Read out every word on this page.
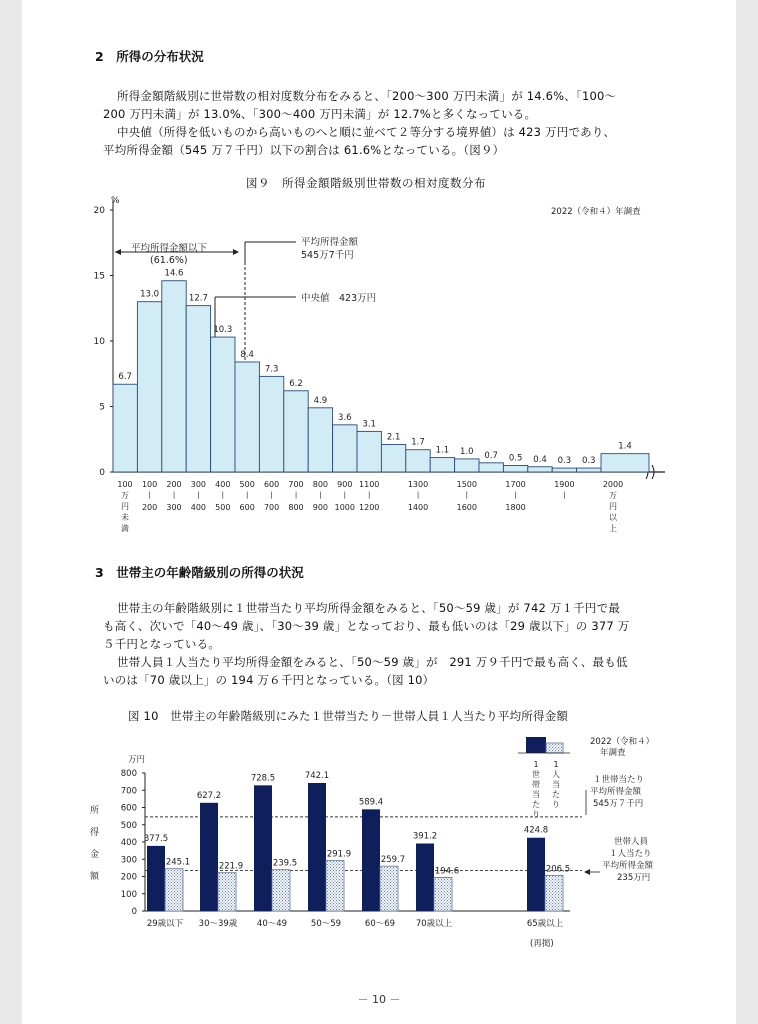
2　所得の分布状況
所得金額階級別に世帯数の相対度数分布をみると、「200～300 万円未満」が 14.6%、「100～
200 万円未満」が 13.0%、「300～400 万円未満」が 12.7%と多くなっている。
中央値（所得を低いものから高いものへと順に並べて２等分する境界値）は 423 万円であり、
平均所得金額（545 万７千円）以下の割合は 61.6%となっている。（図９）
図９　所得金額階級別世帯数の相対度数分布
0
5
10
15
20
6.7
13.0
14.6
12.7
10.3
8.4
7.3
6.2
4.9
3.6
3.1
2.1
1.7
1.1 1.0 0.7 0.5 0.4 0.3 0.3
1.4
100
万
円
未
満
100
|
200
|
300
|
400
|
500
|
600
|
700
|
800
|
900
|
1100
|
1300
|
1500
|
1700
|
1900
|
200 300 400 500 600 700 800 900 1000 1200	1400	1600	1800
2000
万
円
以
上
平均所得金額以下
(61.6%)
平均所得金額
545万7千円
中央値　423万円
%
2022（令和４）年調査
3　世帯主の年齢階級別の所得の状況
世帯主の年齢階級別に１世帯当たり平均所得金額をみると、「50～59 歳」が 742 万１千円で最
も高く、次いで「40～49 歳」、「30～39 歳」となっており、最も低いのは「29 歳以下」の 377 万
５千円となっている。
世帯人員１人当たり平均所得金額をみると、「50～59 歳」が　291 万９千円で最も高く、最も低
いのは「70 歳以上」の 194 万６千円となっている。（図 10）
図 10　世帯主の年齢階級別にみた１世帯当たり－世帯人員１人当たり平均所得金額
0
100
200
300
400
500
600
700
800
377.5
245.1
29歳以下
627.2
221.9
30～39歳
728.5
239.5
40～49
742.1
291.9
50～59
589.4
259.7
60～69
391.2
194.6
70歳以上
424.8
206.5
65歳以上
万円
所
得
金
額
2022（令和４）
年調査
1
世
帯
当
た
り
1
人
当
た
り
１世帯当たり
平均所得金額
545万７千円
世帯人員
１人当たり
平均所得金額
235万円
(再掲)
－ 10 －
